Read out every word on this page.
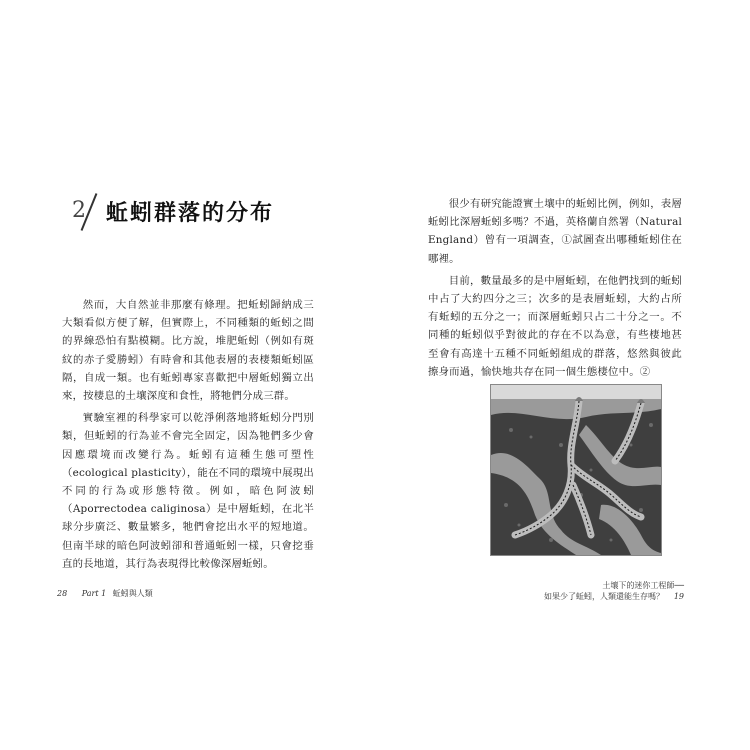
2 蚯蚓群落的分布

然而，大自然並非那麼有條理。把蚯蚓歸納成三大類看似方便了解，但實際上，不同種類的蚯蚓之間的界線恐怕有點模糊。比方說，堆肥蚯蚓（例如有斑紋的赤子愛勝蚓）有時會和其他表層的表棲類蚯蚓區隔，自成一類。也有蚯蚓專家喜歡把中層蚯蚓獨立出來，按棲息的土壤深度和食性，將牠們分成三群。

實驗室裡的科學家可以乾淨俐落地將蚯蚓分門別類，但蚯蚓的行為並不會完全固定，因為牠們多少會因應環境而改變行為。蚯蚓有這種生態可塑性（ecological plasticity），能在不同的環境中展現出不同的行為或形態特徵。例如，暗色阿波蚓（Aporrectodea caliginosa）是中層蚯蚓，在北半球分步廣泛、數量繁多，牠們會挖出水平的短地道。但南半球的暗色阿波蚓卻和普通蚯蚓一樣，只會挖垂直的長地道，其行為表現得比較像深層蚯蚓。

28 Part 1 蚯蚓與人類

很少有研究能證實土壤中的蚯蚓比例，例如，表層蚯蚓比深層蚯蚓多嗎？不過，英格蘭自然署（Natural England）曾有一項調查，①試圖查出哪種蚯蚓住在哪裡。

目前，數量最多的是中層蚯蚓，在他們找到的蚯蚓中占了大約四分之三；次多的是表層蚯蚓，大約占所有蚯蚓的五分之一；而深層蚯蚓只占二十分之一。不同種的蚯蚓似乎對彼此的存在不以為意，有些棲地甚至會有高達十五種不同蚯蚓組成的群落，悠然與彼此擦身而過，愉快地共存在同一個生態棲位中。②

土壤下的迷你工程師──
如果少了蚯蚓，人類還能生存嗎？ 19
